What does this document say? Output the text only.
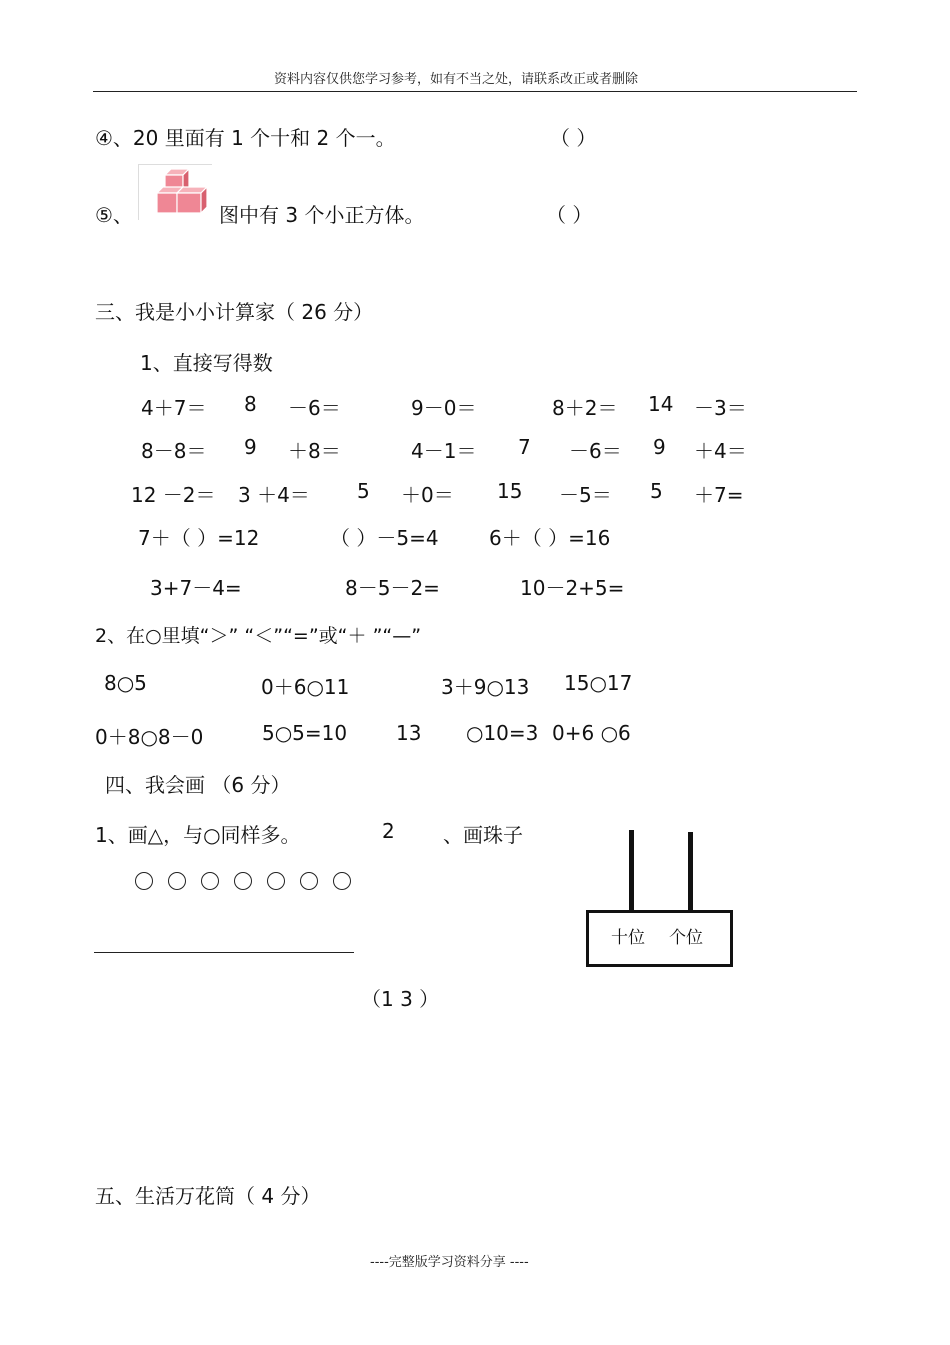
资料内容仅供您学习参考，如有不当之处，请联系改正或者删除
④、20 里面有 1 个十和 2 个一。	（ ）
⑤、	图中有 3 个小正方体。	（ ）
三、我是小小计算家（ 26 分）
1、直接写得数
4＋7＝ 8 －6＝	9－0＝	8＋2＝ 14 －3＝
8－8＝ 9 ＋8＝	4－1＝ 7 －6＝ 9 ＋4＝
12 －2＝ 3 ＋4＝ 5 ＋0＝ 15 －5＝ 5 ＋7=
7＋（ ）=12	（ ）－5=4	6＋（ ）=16
3+7－4=	8－5－2=	10－2+5=
2、在○里填“＞” “＜”“=”或“＋ ”“—”
8○5	0＋6○11	3＋9○13 15○17
0＋8○8－0	5○5=10 13 ○10=3 0+6 ○6
四、我会画 （6 分）
1、画△，与○同样多。	2 、画珠子
（1 3 ）
十位 个位
五、生活万花筒（ 4 分）
----完整版学习资料分享 ----
